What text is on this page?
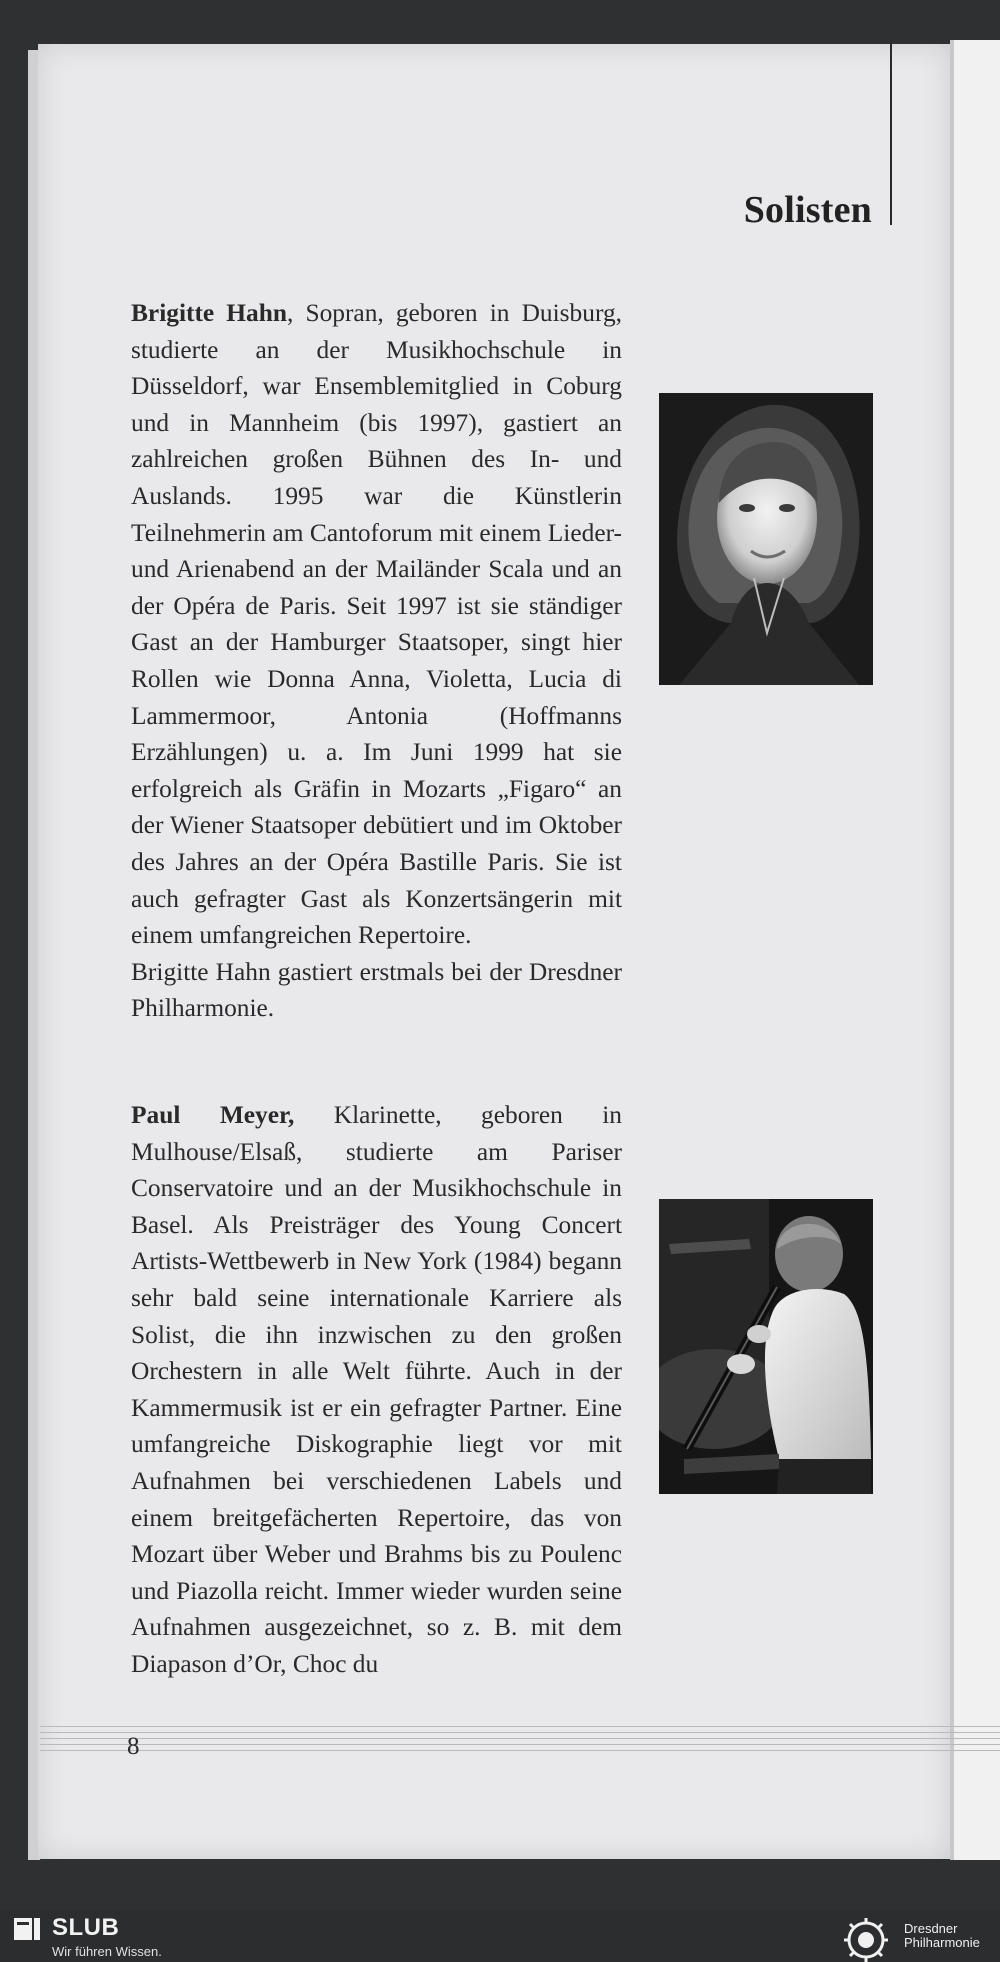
Solisten

Brigitte Hahn, Sopran, geboren in Duisburg, studierte an der Musikhochschule in Düsseldorf, war Ensemblemitglied in Coburg und in Mannheim (bis 1997), gastiert an zahlreichen großen Bühnen des In- und Auslands. 1995 war die Künstlerin Teilnehmerin am Cantoforum mit einem Lieder- und Arienabend an der Mailänder Scala und an der Opéra de Paris. Seit 1997 ist sie ständiger Gast an der Hamburger Staatsoper, singt hier Rollen wie Donna Anna, Violetta, Lucia di Lammermoor, Antonia (Hoffmanns Erzählungen) u. a. Im Juni 1999 hat sie erfolgreich als Gräfin in Mozarts „Figaro“ an der Wiener Staatsoper debütiert und im Oktober des Jahres an der Opéra Bastille Paris. Sie ist auch gefragter Gast als Konzertsängerin mit einem umfangreichen Repertoire.

Brigitte Hahn gastiert erstmals bei der Dresdner Philharmonie.

Paul Meyer, Klarinette, geboren in Mulhouse/Elsaß, studierte am Pariser Conservatoire und an der Musikhochschule in Basel. Als Preisträger des Young Concert Artists-Wettbewerb in New York (1984) begann sehr bald seine internationale Karriere als Solist, die ihn inzwischen zu den großen Orchestern in alle Welt führte. Auch in der Kammermusik ist er ein gefragter Partner. Eine umfangreiche Diskographie liegt vor mit Aufnahmen bei verschiedenen Labels und einem breitgefächerten Repertoire, das von Mozart über Weber und Brahms bis zu Poulenc und Piazolla reicht. Immer wieder wurden seine Aufnahmen ausgezeichnet, so z. B. mit dem Diapason d’Or, Choc du

8
SLUB
Wir führen Wissen.
Dresdner
Philharmonie
